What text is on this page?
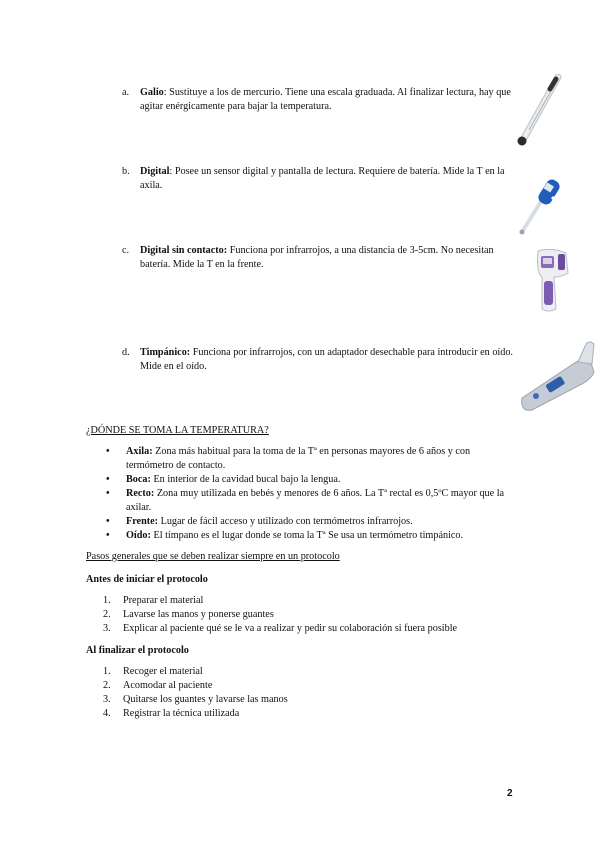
a. Galio: Sustituye a los de mercurio. Tiene una escala graduada. Al finalizar lectura, hay que agitar enérgicamente para bajar la temperatura.
b. Digital: Posee un sensor digital y pantalla de lectura. Requiere de batería. Mide la T en la axila.
c. Digital sin contacto: Funciona por infrarrojos, a una distancia de 3-5cm. No necesitan batería. Mide la T en la frente.
d. Timpánico: Funciona por infrarrojos, con un adaptador desechable para introducir en oído. Mide en el oído.
¿DÓNDE SE TOMA LA TEMPERATURA?
• Axila: Zona más habitual para la toma de la Tª en personas mayores de 6 años y con termómetro de contacto.
• Boca: En interior de la cavidad bucal bajo la lengua.
• Recto: Zona muy utilizada en bebés y menores de 6 años. La Tª rectal es 0,5ºC mayor que la axilar.
• Frente: Lugar de fácil acceso y utilizado con termómetros infrarrojos.
• Oído: El tímpano es el lugar donde se toma la Tª Se usa un termómetro timpánico.
Pasos generales que se deben realizar siempre en un protocolo
Antes de iniciar el protocolo
1. Preparar el material
2. Lavarse las manos y ponerse guantes
3. Explicar al paciente qué se le va a realizar y pedir su colaboración si fuera posible
Al finalizar el protocolo
1. Recoger el material
2. Acomodar al paciente
3. Quitarse los guantes y lavarse las manos
4. Registrar la técnica utilizada
2
